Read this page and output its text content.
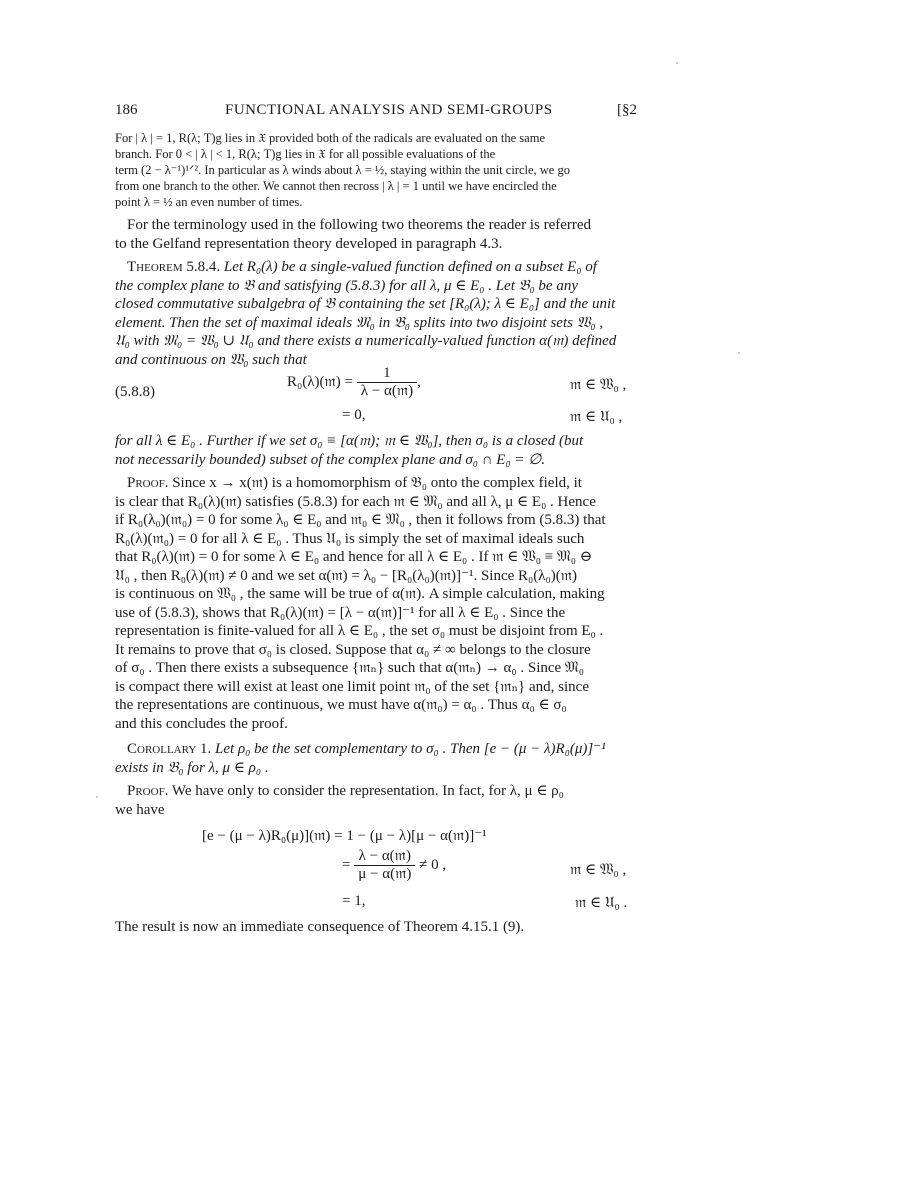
186	FUNCTIONAL ANALYSIS AND SEMI-GROUPS	[§2

For | λ | = 1, R(λ; T)g lies in 𝔛 provided both of the radicals are evaluated on the same

branch. For 0 < | λ | < 1, R(λ; T)g lies in 𝔛 for all possible evaluations of the

term (2 − λ⁻¹)¹ᐟ². In particular as λ winds about λ = ½, staying within the unit circle, we go

from one branch to the other. We cannot then recross | λ | = 1 until we have encircled the

point λ = ½ an even number of times.

For the terminology used in the following two theorems the reader is referred

to the Gelfand representation theory developed in paragraph 4.3.

Theorem 5.8.4. Let R₀(λ) be a single-valued function defined on a subset E₀ of

the complex plane to 𝔅 and satisfying (5.8.3) for all λ, μ ∈ E₀ . Let 𝔅₀ be any
closed commutative subalgebra of 𝔅 containing the set [R₀(λ); λ ∈ E₀] and the unit
element. Then the set of maximal ideals 𝔐₀ in 𝔅₀ splits into two disjoint sets 𝔚₀ ,
𝔘₀ with 𝔐₀ = 𝔚₀ ∪ 𝔘₀ and there exists a numerically-valued function α(𝔪) defined
and continuous on 𝔚₀ such that
(5.8.8)
R₀(λ)(𝔪) = $\frac{1}{\text{λ − α(𝔪)}}$ ,	𝔪 ∈ 𝔚₀ ,
= 0,	𝔪 ∈ 𝔘₀ ,
for all λ ∈ E₀ . Further if we set σ₀ ≡ [α(𝔪); 𝔪 ∈ 𝔚₀], then σ₀ is a closed (but
not necessarily bounded) subset of the complex plane and σ₀ ∩ E₀ = ∅.

Proof. Since x → x(𝔪) is a homomorphism of 𝔅₀ onto the complex field, it

is clear that R₀(λ)(𝔪) satisfies (5.8.3) for each 𝔪 ∈ 𝔐₀ and all λ, μ ∈ E₀ . Hence
if R₀(λ₀)(𝔪₀) = 0 for some λ₀ ∈ E₀ and 𝔪₀ ∈ 𝔐₀ , then it follows from (5.8.3) that
R₀(λ)(𝔪₀) = 0 for all λ ∈ E₀ . Thus 𝔘₀ is simply the set of maximal ideals such
that R₀(λ)(𝔪) = 0 for some λ ∈ E₀ and hence for all λ ∈ E₀ . If 𝔪 ∈ 𝔚₀ ≡ 𝔐₀ ⊖
𝔘₀ , then R₀(λ)(𝔪) ≠ 0 and we set α(𝔪) = λ₀ − [R₀(λ₀)(𝔪)]⁻¹. Since R₀(λ₀)(𝔪)
is continuous on 𝔚₀ , the same will be true of α(𝔪). A simple calculation, making
use of (5.8.3), shows that R₀(λ)(𝔪) = [λ − α(𝔪)]⁻¹ for all λ ∈ E₀ . Since the
representation is finite-valued for all λ ∈ E₀ , the set σ₀ must be disjoint from E₀ .
It remains to prove that σ₀ is closed. Suppose that α₀ ≠ ∞ belongs to the closure
of σ₀ . Then there exists a subsequence {𝔪ₙ} such that α(𝔪ₙ) → α₀ . Since 𝔐₀
is compact there will exist at least one limit point 𝔪₀ of the set {𝔪ₙ} and, since
the representations are continuous, we must have α(𝔪₀) = α₀ . Thus α₀ ∈ σ₀
and this concludes the proof.

Corollary 1. Let ρ₀ be the set complementary to σ₀ . Then [e − (μ − λ)R₀(μ)]⁻¹

exists in 𝔅₀ for λ, μ ∈ ρ₀ .

Proof. We have only to consider the representation. In fact, for λ, μ ∈ ρ₀

we have
[e − (μ − λ)R₀(μ)](𝔪) = 1 − (μ − λ)[μ − α(𝔪)]⁻¹
= $\frac{\text{λ − α(𝔪)}}{\text{μ − α(𝔪)}} \ne 0$ ,	𝔪 ∈ 𝔚₀ ,
= 1,	𝔪 ∈ 𝔘₀ .
The result is now an immediate consequence of Theorem 4.15.1 (9).
